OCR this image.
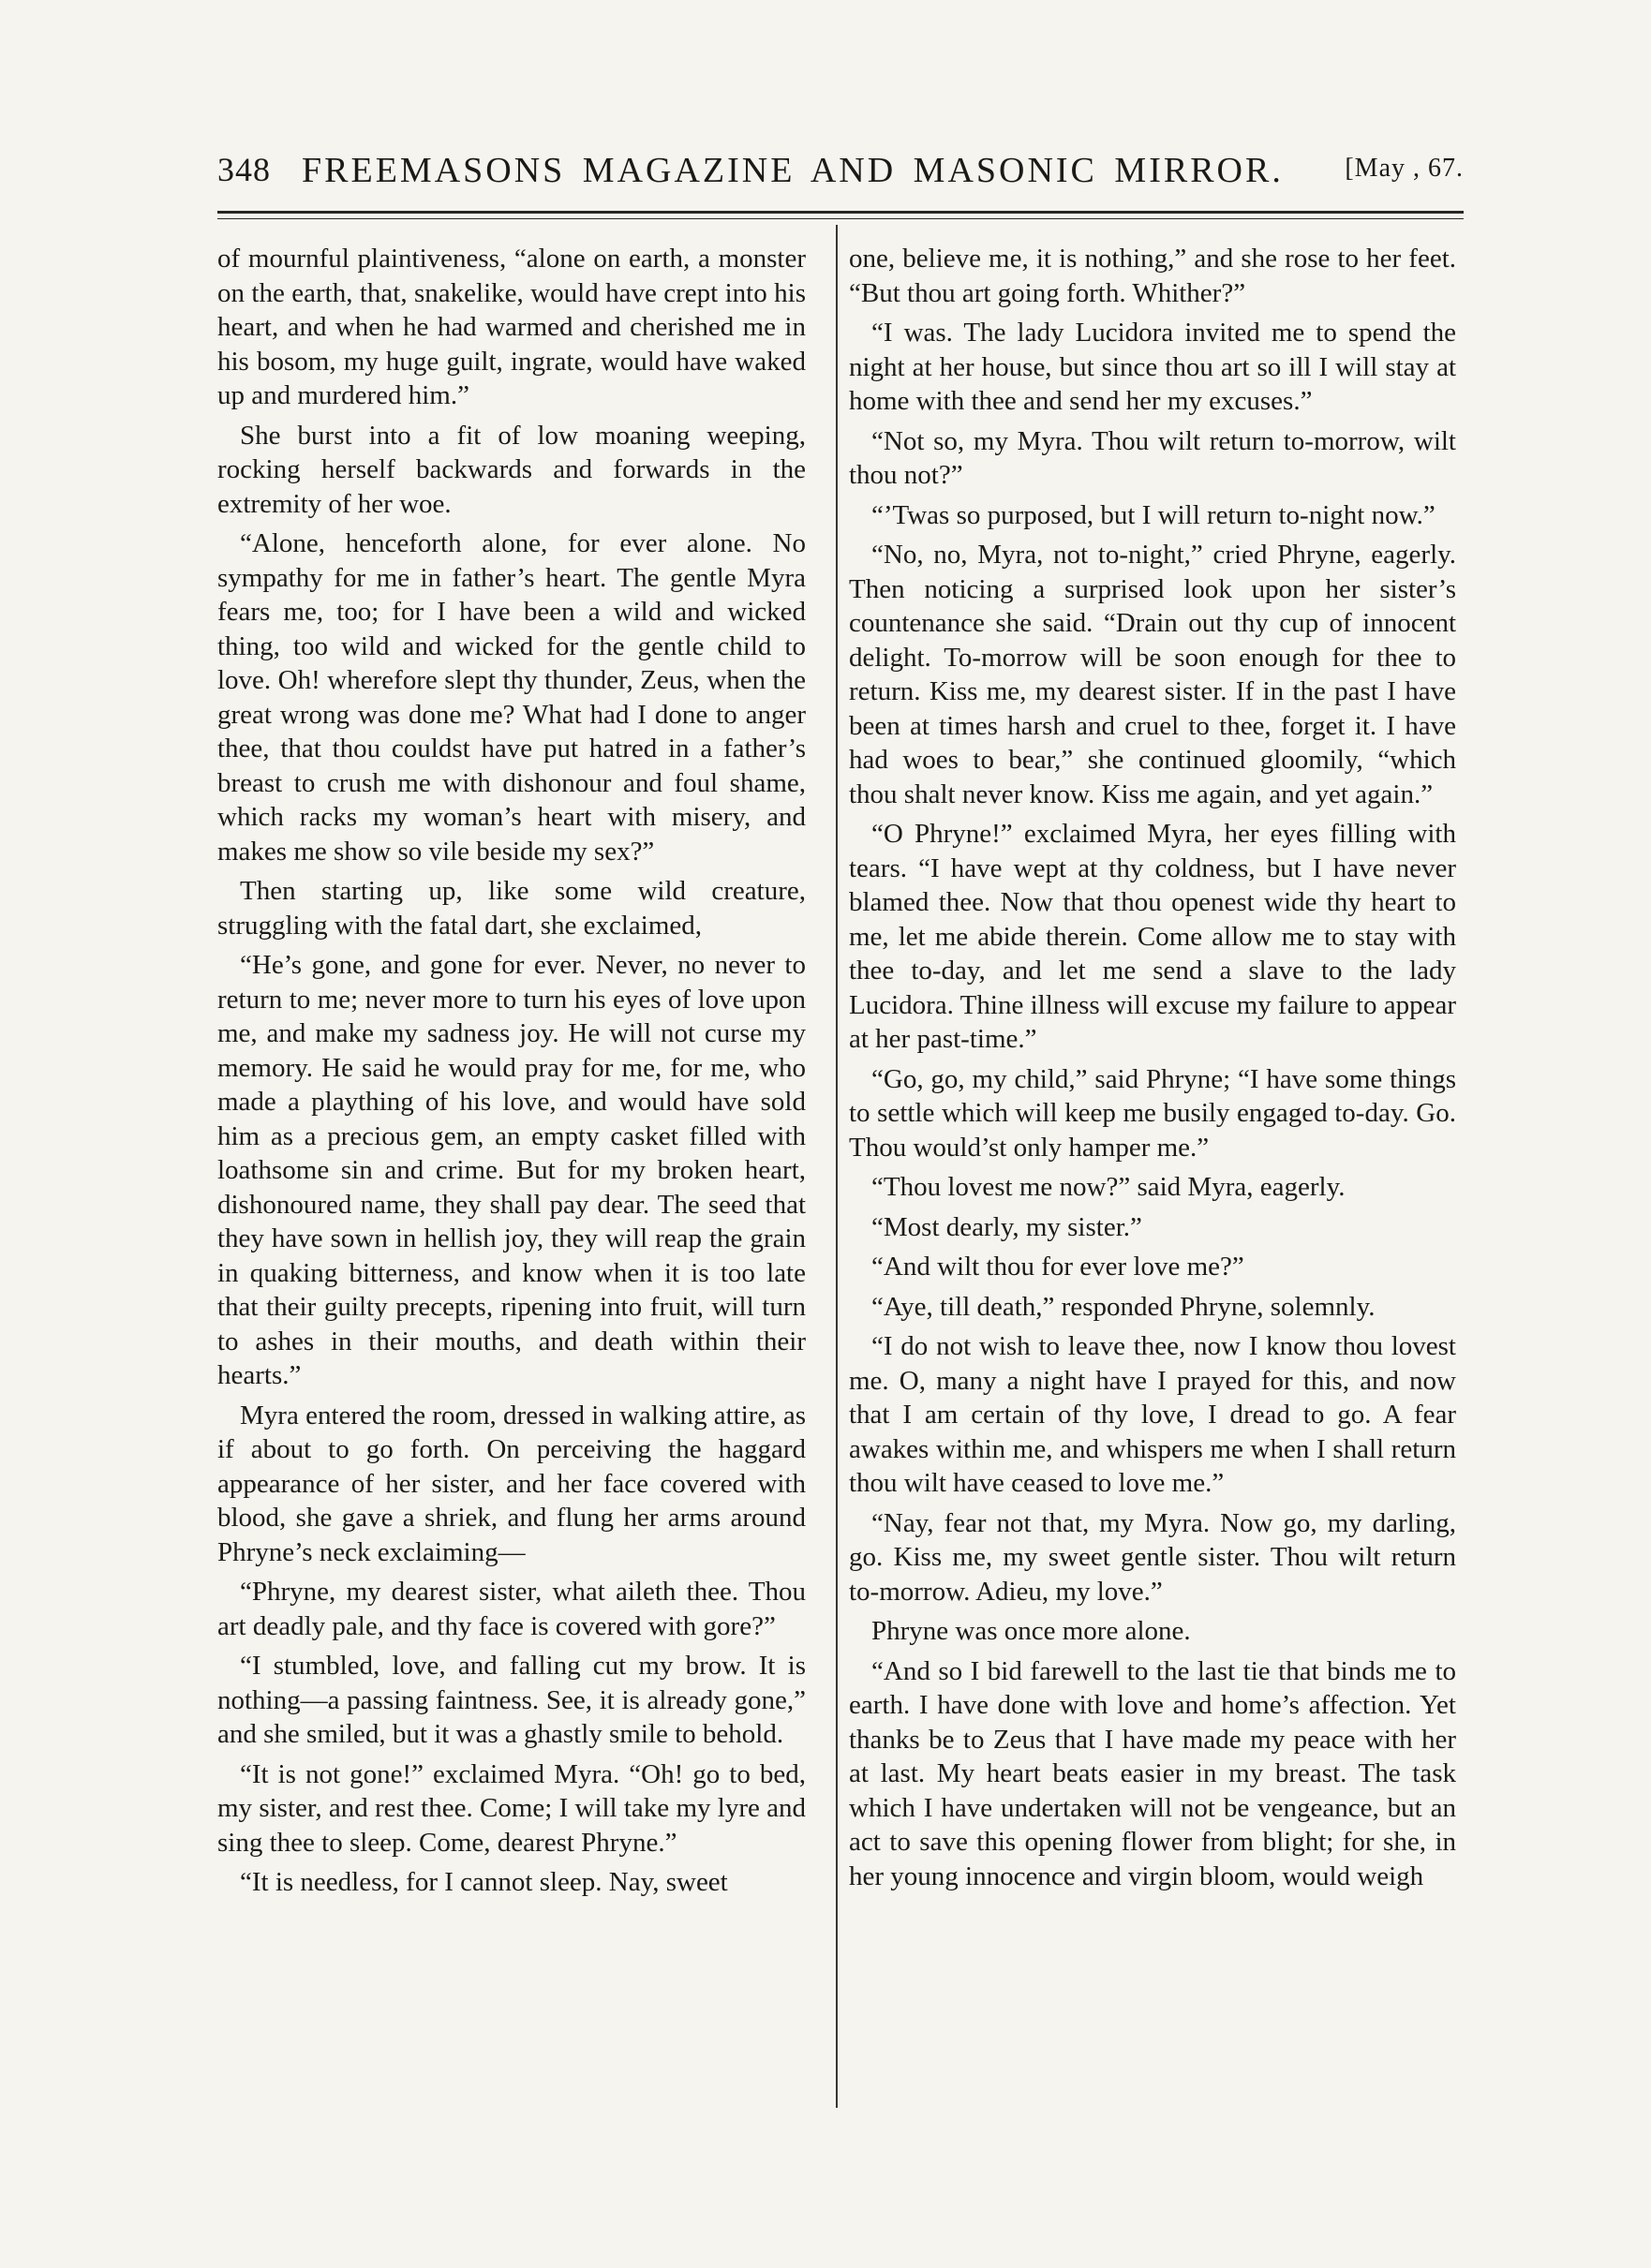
348 FREEMASONS MAGAZINE AND MASONIC MIRROR. [May , 67.

of mournful plaintiveness, “alone on earth, a monster on the earth, that, snakelike, would have crept into his heart, and when he had warmed and cherished me in his bosom, my huge guilt, ingrate, would have waked up and murdered him.”

She burst into a fit of low moaning weeping, rocking herself backwards and forwards in the extremity of her woe.

“Alone, henceforth alone, for ever alone. No sympathy for me in father’s heart. The gentle Myra fears me, too; for I have been a wild and wicked thing, too wild and wicked for the gentle child to love. Oh! wherefore slept thy thunder, Zeus, when the great wrong was done me? What had I done to anger thee, that thou couldst have put hatred in a father’s breast to crush me with dishonour and foul shame, which racks my woman’s heart with misery, and makes me show so vile beside my sex?”

Then starting up, like some wild creature, struggling with the fatal dart, she exclaimed,

“He’s gone, and gone for ever. Never, no never to return to me; never more to turn his eyes of love upon me, and make my sadness joy. He will not curse my memory. He said he would pray for me, for me, who made a plaything of his love, and would have sold him as a precious gem, an empty casket filled with loathsome sin and crime. But for my broken heart, dishonoured name, they shall pay dear. The seed that they have sown in hellish joy, they will reap the grain in quaking bitterness, and know when it is too late that their guilty precepts, ripening into fruit, will turn to ashes in their mouths, and death within their hearts.”

Myra entered the room, dressed in walking attire, as if about to go forth. On perceiving the haggard appearance of her sister, and her face covered with blood, she gave a shriek, and flung her arms around Phryne’s neck exclaiming—

“Phryne, my dearest sister, what aileth thee. Thou art deadly pale, and thy face is covered with gore?”

“I stumbled, love, and falling cut my brow. It is nothing—a passing faintness. See, it is already gone,” and she smiled, but it was a ghastly smile to behold.

“It is not gone!” exclaimed Myra. “Oh! go to bed, my sister, and rest thee. Come; I will take my lyre and sing thee to sleep. Come, dearest Phryne.”

“It is needless, for I cannot sleep. Nay, sweet

one, believe me, it is nothing,” and she rose to her feet. “But thou art going forth. Whither?”

“I was. The lady Lucidora invited me to spend the night at her house, but since thou art so ill I will stay at home with thee and send her my excuses.”

“Not so, my Myra. Thou wilt return to-morrow, wilt thou not?”

“’Twas so purposed, but I will return to-night now.”

“No, no, Myra, not to-night,” cried Phryne, eagerly. Then noticing a surprised look upon her sister’s countenance she said. “Drain out thy cup of innocent delight. To-morrow will be soon enough for thee to return. Kiss me, my dearest sister. If in the past I have been at times harsh and cruel to thee, forget it. I have had woes to bear,” she continued gloomily, “which thou shalt never know. Kiss me again, and yet again.”

“O Phryne!” exclaimed Myra, her eyes filling with tears. “I have wept at thy coldness, but I have never blamed thee. Now that thou openest wide thy heart to me, let me abide therein. Come allow me to stay with thee to-day, and let me send a slave to the lady Lucidora. Thine illness will excuse my failure to appear at her past-time.”

“Go, go, my child,” said Phryne; “I have some things to settle which will keep me busily engaged to-day. Go. Thou would’st only hamper me.”

“Thou lovest me now?” said Myra, eagerly.

“Most dearly, my sister.”

“And wilt thou for ever love me?”

“Aye, till death,” responded Phryne, solemnly.

“I do not wish to leave thee, now I know thou lovest me. O, many a night have I prayed for this, and now that I am certain of thy love, I dread to go. A fear awakes within me, and whispers me when I shall return thou wilt have ceased to love me.”

“Nay, fear not that, my Myra. Now go, my darling, go. Kiss me, my sweet gentle sister. Thou wilt return to-morrow. Adieu, my love.”

Phryne was once more alone.

“And so I bid farewell to the last tie that binds me to earth. I have done with love and home’s affection. Yet thanks be to Zeus that I have made my peace with her at last. My heart beats easier in my breast. The task which I have undertaken will not be vengeance, but an act to save this opening flower from blight; for she, in her young innocence and virgin bloom, would weigh
